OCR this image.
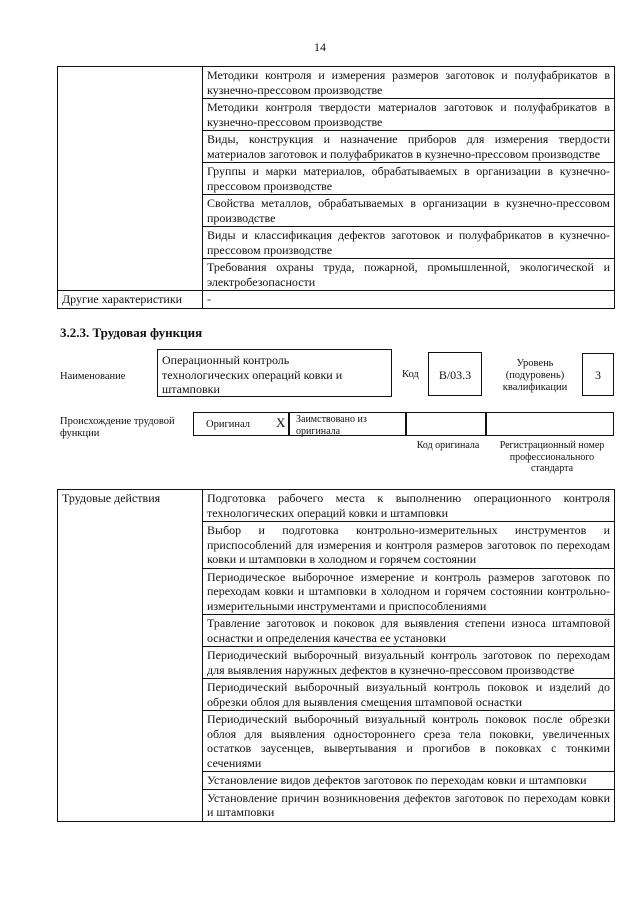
14
	Методики контроля и измерения размеров заготовок и полуфабрикатов в кузнечно-прессовом производстве
	Методики контроля твердости материалов заготовок и полуфабрикатов в кузнечно-прессовом производстве
	Виды, конструкция и назначение приборов для измерения твердости материалов заготовок и полуфабрикатов в кузнечно-прессовом производстве
	Группы и марки материалов, обрабатываемых в организации в кузнечно-прессовом производстве
	Свойства металлов, обрабатываемых в организации в кузнечно-прессовом производстве
	Виды и классификация дефектов заготовок и полуфабрикатов в кузнечно-прессовом производстве
	Требования охраны труда, пожарной, промышленной, экологической и электробезопасности
Другие характеристики	-
3.2.3. Трудовая функция
Наименование
Операционный контроль технологических операций ковки и штамповки
Код	В/03.3
Уровень (подуровень) квалификации
3
Происхождение трудовой функции
Оригинал X Заимствовано из оригинала
Код оригинала	Регистрационный номер профессионального стандарта
Трудовые действия	Подготовка рабочего места к выполнению операционного контроля технологических операций ковки и штамповки
Выбор и подготовка контрольно-измерительных инструментов и приспособлений для измерения и контроля размеров заготовок по переходам ковки и штамповки в холодном и горячем состоянии
Периодическое выборочное измерение и контроль размеров заготовок по переходам ковки и штамповки в холодном и горячем состоянии контрольно-измерительными инструментами и приспособлениями
Травление заготовок и поковок для выявления степени износа штамповой оснастки и определения качества ее установки
Периодический выборочный визуальный контроль заготовок по переходам для выявления наружных дефектов в кузнечно-прессовом производстве
Периодический выборочный визуальный контроль поковок и изделий до обрезки облоя для выявления смещения штамповой оснастки
Периодический выборочный визуальный контроль поковок после обрезки облоя для выявления одностороннего среза тела поковки, увеличенных остатков заусенцев, вывертывания и прогибов в поковках с тонкими сечениями
Установление видов дефектов заготовок по переходам ковки и штамповки
Установление причин возникновения дефектов заготовок по переходам ковки и штамповки
